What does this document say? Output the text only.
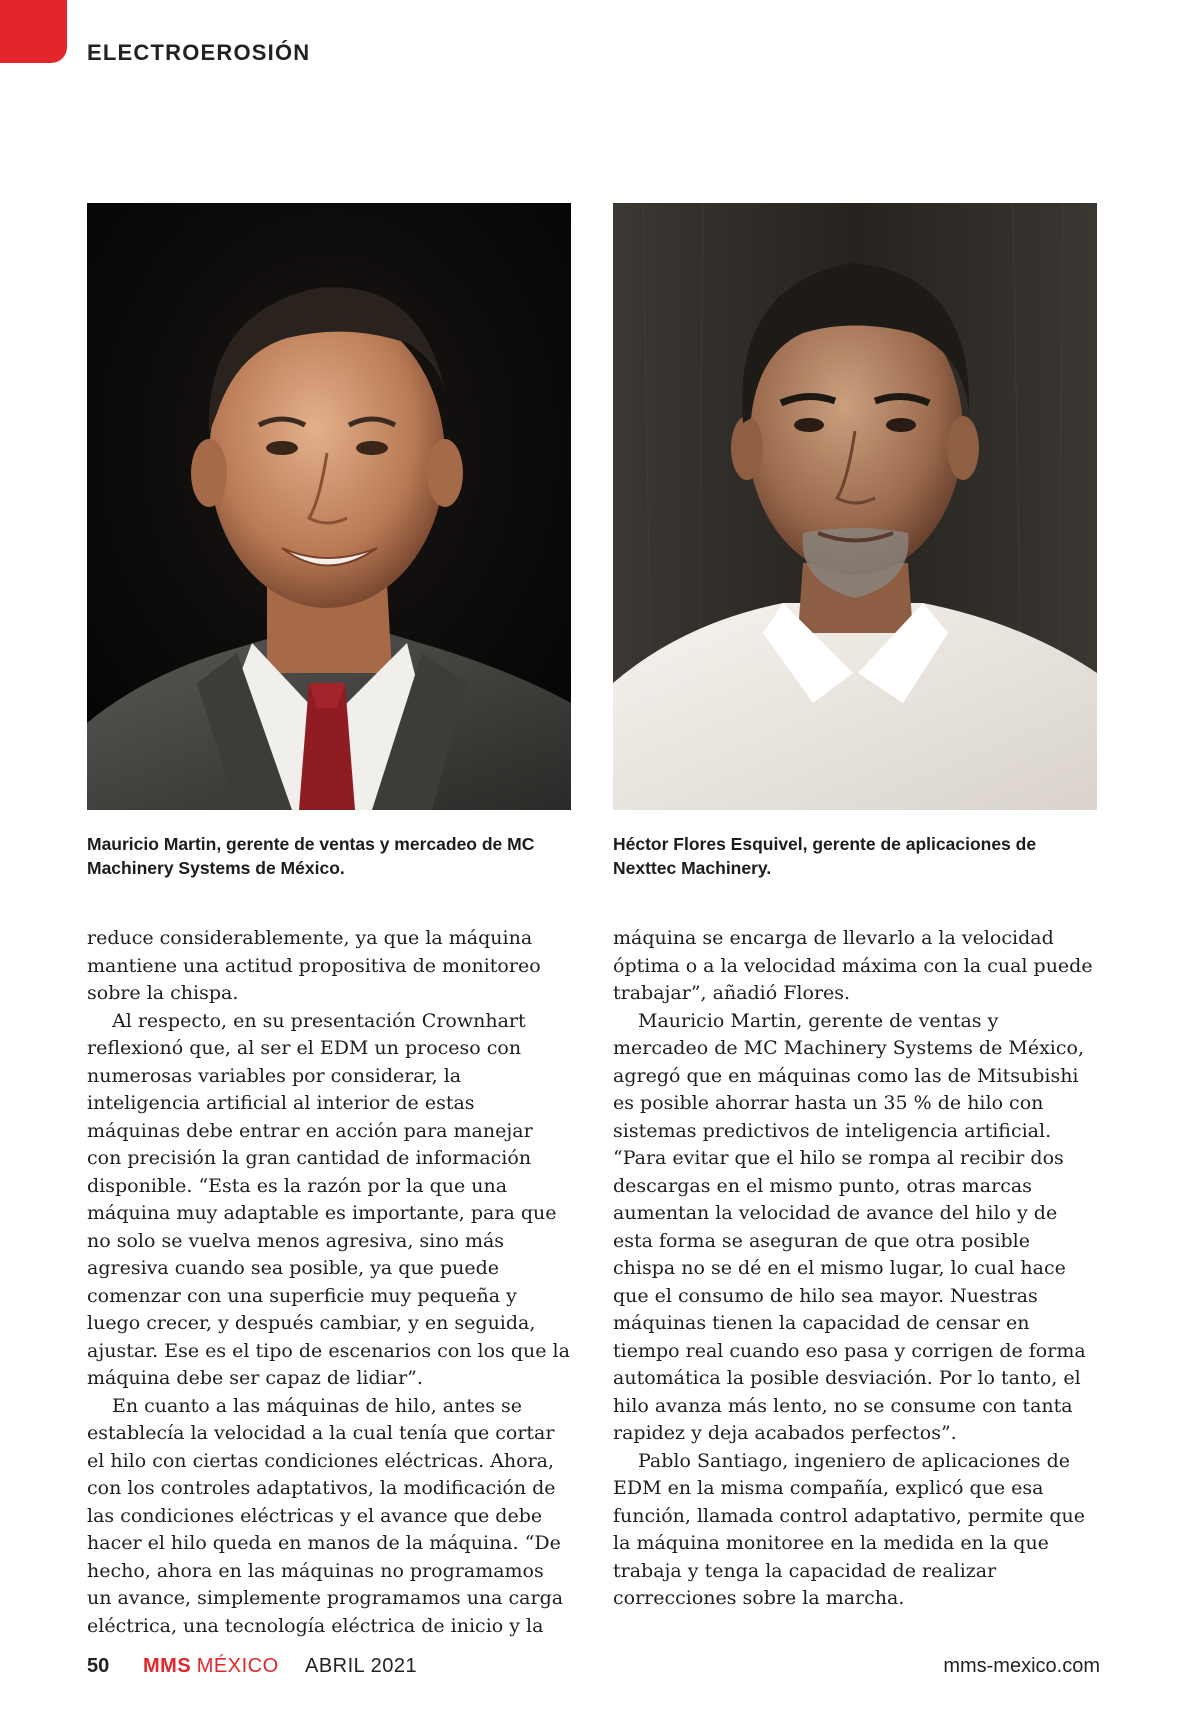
ELECTROEROSIÓN
Mauricio Martin, gerente de ventas y mercadeo de MC Machinery Systems de México.
Héctor Flores Esquivel, gerente de aplicaciones de Nexttec Machinery.

reduce considerablemente, ya que la máquina mantiene una actitud propositiva de monitoreo sobre la chispa.

Al respecto, en su presentación Crownhart reflexionó que, al ser el EDM un proceso con numerosas variables por considerar, la inteligencia artificial al interior de estas máquinas debe entrar en acción para manejar con precisión la gran cantidad de información disponible. “Esta es la razón por la que una máquina muy adaptable es importante, para que no solo se vuelva menos agresiva, sino más agresiva cuando sea posible, ya que puede comenzar con una superficie muy pequeña y luego crecer, y después cambiar, y en seguida, ajustar. Ese es el tipo de escenarios con los que la máquina debe ser capaz de lidiar”.

En cuanto a las máquinas de hilo, antes se establecía la velocidad a la cual tenía que cortar el hilo con ciertas condiciones eléctricas. Ahora, con los controles adaptativos, la modificación de las condiciones eléctricas y el avance que debe hacer el hilo queda en manos de la máquina. “De hecho, ahora en las máquinas no programamos un avance, simplemente programamos una carga eléctrica, una tecnología eléctrica de inicio y la

máquina se encarga de llevarlo a la velocidad óptima o a la velocidad máxima con la cual puede trabajar”, añadió Flores.

Mauricio Martin, gerente de ventas y mercadeo de MC Machinery Systems de México, agregó que en máquinas como las de Mitsubishi es posible ahorrar hasta un 35 % de hilo con sistemas predictivos de inteligencia artificial. “Para evitar que el hilo se rompa al recibir dos descargas en el mismo punto, otras marcas aumentan la velocidad de avance del hilo y de esta forma se aseguran de que otra posible chispa no se dé en el mismo lugar, lo cual hace que el consumo de hilo sea mayor. Nuestras máquinas tienen la capacidad de censar en tiempo real cuando eso pasa y corrigen de forma automática la posible desviación. Por lo tanto, el hilo avanza más lento, no se consume con tanta rapidez y deja acabados perfectos”.

Pablo Santiago, ingeniero de aplicaciones de EDM en la misma compañía, explicó que esa función, llamada control adaptativo, permite que la máquina monitoree en la medida en la que trabaja y tenga la capacidad de realizar correcciones sobre la marcha.

50 MMS MÉXICO ABRIL 2021	mms-mexico.com
